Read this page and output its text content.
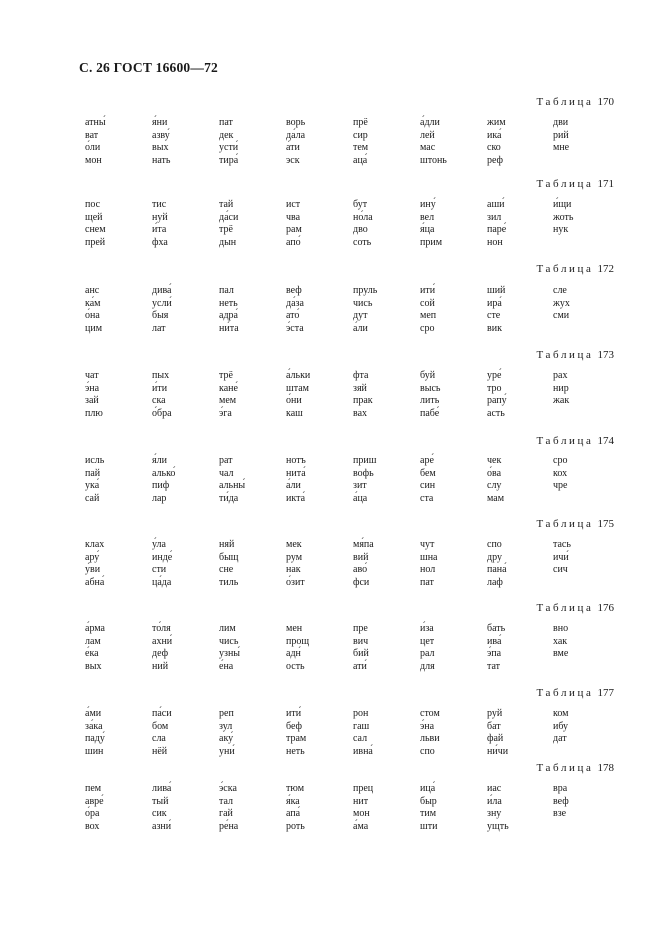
С. 26 ГОСТ 16600—72
Таблица 170
атны́
ват
о́ли
мон
я́ни
азву́
вых
нать
пат
дек
усти́
тира́
ворь
да́ла
а́ти
эск
прё
сир
тем
аца́
а́дли
лей
мас
штонь
жим
ика́
ско
реф
дви
рий
мне
Таблица 171
пос
щей
снем
прей
тис
нуй
и́та
фха
тай
да́си
трё
дын
ист
чва
рам
апо́
бут
но́ла
дво
соть
ину́
вел
я́ца
прим
аши́
зил
паре́
нон
и́щи
жоть
нук
Таблица 172
анс
ка́м
о́на
цим
дива́
усли́
быя
лат
пал
неть
адра́
ни́та
веф
да́за
ато́
э́ста
пруль
чись
дут
а́ли
ити́
сой
меп
сро
ший
ира́
сте
вик
сле
жух
сми
Таблица 173
чат
э́на
зай
плю
пых
и́ти
ска
о́бра
трё
кане́
мем
э́га
а́льки
штам
о́ни
каш
фта
зяй
прак
вах
буй
высь
лить
пабе́
уре́
тро
рапу́
асть
рах
нир
жак
Таблица 174
исль
пай
ука́
сай
я́ли
алько́
пиф
лар
рат
чал
альны́
ти́да
нотъ
нита́
а́ли
икта́
приш
вофь
зит
а́ца
аре́
бем
син
ста
чек
о́ва
слу
мам
сро
кох
чре
Таблица 175
клах
ару́
у́ви
абна́
у́ла
инде́
сти
ца́да
няй
быщ
сне
тиль
мек
рум
нак
о́зит
мя́па
вий
аво́
фси
чут
шна
нол
пат
спо
дру
пана́
лаф
тась
ичи́
сич
Таблица 176
а́рма
лам
е́ка
вых
то́ля
ахни́
деф
ний
лим
чись
узны́
е́на
мен
прощ
адн́
ость
пре
вич
бий
ати́
и́за
цет
рал
для
бать
ива́
э́па
тат
вно
хак
вме
Таблица 177
а́ми
за́ка
паду́
шин
па́си
бом
сла
нёй
реп
зул
аку́
уни́
ити́
беф
трам
неть
рон
гаш
сал
ивна́
стом
э́на
льви
спо
руй
бат
фай
ни́чи
ком
ибу
дат
Таблица 178
пем
авре́
о́ра
вох
лива́
тый
сик
азни́
э́ска
тал
гай
ре́на
тюм
я́ка
апа́
роть
прец
нит
мон
а́ма
ица́
быр
тим
шти
иас
и́ла
зну
ущть
вра
веф
взе
